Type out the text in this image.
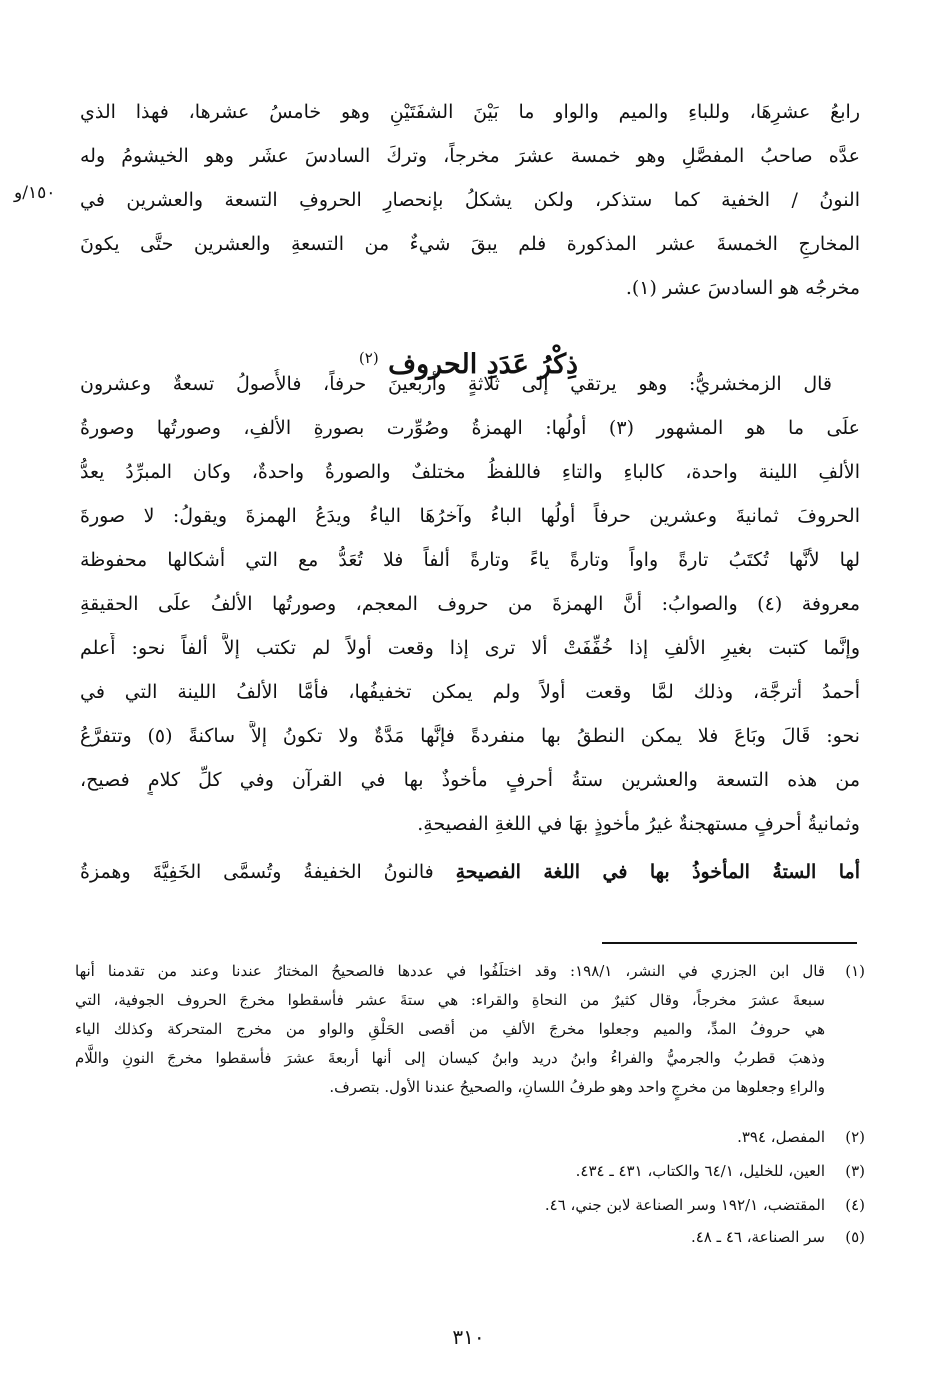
١٥٠/و
رابعُ عشرِهَا، وللباءِ والميم والواو ما بَيْنَ الشفَتَيْنِ وهو خامسُ عشرها، فهذا الذي
عدَّه صاحبُ المفصَّلِ وهو خمسة عشرَ مخرجاً، وتركَ السادسَ عشَر وهو الخيشومُ وله
النونُ / الخفية كما ستذكر، ولكن يشكلُ بإنحصارِ الحروفِ التسعة والعشرين في
المخارجِ الخمسةَ عشر المذكورة فلم يبقَ شيءٌ من التسعةِ والعشرين حتَّى يكونَ
مخرجُه هو السادسَ عشر (١).
ذِكْرُ عَدَدِ الحروف $^{(٢)}$
قال الزمخشريُّ: وهو يرتقي إلى ثلاثةٍ وأربعينَ حرفاً، فالأُصولُ تسعةٌ وعشرون
علَى ما هو المشهور (٣) أولُها: الهمزةُ وصُوِّرت بصورةِ الألفِ، وصورتُها وصورةُ
الألفِ اللينة واحدة، كالباءِ والتاءِ فاللفظُ مختلفٌ والصورةُ واحدةٌ، وكان المبرِّدُ يعدُّ
الحروفَ ثمانيةَ وعشرين حرفاً أولُها الباءُ وآخرُهَا الياءُ ويدَعُ الهمزةَ ويقولُ: لا صورةَ
لها لأنَّها تُكتَبُ تارةً واواً وتارةً ياءً وتارةً ألفاً فلا تُعَدُّ مع التي أشكالها محفوظة
معروفة (٤) والصوابُ: أنَّ الهمزةَ من حروف المعجم، وصورتُها الألفُ علَى الحقيقةِ
وإنَّما كتبت بغيرِ الألفِ إذا خُفِّفَتْ ألا ترى إذا وقعت أولاً لم تكتب إلاَّ ألفاً نحو: أَعلم
أحمدُ أترجَّة، وذلك لمَّا وقعت أولاً ولم يمكن تخفيفُها، فأمَّا الألفُ اللينة التي في
نحو: قَالَ وبَاعَ فلا يمكن النطقُ بها منفردةً فإنَّها مَدَّةٌ ولا تكونُ إلاَّ ساكنةً (٥) وتتفرَّعُ
من هذه التسعة والعشرين ستةُ أحرفٍ مأخوذٌ بها في القرآن وفي كلِّ كلامٍ فصيح،
وثمانيةُ أحرفٍ مستهجنةٌ غيرُ مأخوذٍ بهَا في اللغةِ الفصيحةِ.
أما الستةُ المأخوذُ بها في اللغة الفصيحةِ فالنونُ الخفيفةُ وتُسمَّى الخَفِيَّةَ وهمزةُ
(١)
قال ابن الجزري في النشر، ١٩٨/١: وقد اختلَفُوا في عددها فالصحيحُ المختارُ عندنا وعند من تقدمنا أنها
سبعةَ عشرَ مخرجاً، وقال كثيرٌ من النحاةِ والقراء: هي ستةَ عشر فأسقطوا مخرجَ الحروف الجوفية، التي
هي حروفُ المدِّ، والميم وجعلوا مخرجَ الألفِ من أقصى الحَلْقِ والواو من مخرج المتحركة وكذلك الياء
وذهبَ قطربُ والجرميُّ والفراءُ وابنُ دريد وابنُ كيسان إلى أنها أربعةَ عشرَ فأسقطوا مخرجَ النونِ واللَّام
والراءِ وجعلوها من مخرجٍ واحد وهو طرفُ اللسانِ، والصحيحُ عندنا الأول. بتصرف.
(٢)
المفصل، ٣٩٤.
(٣)
العين، للخليل، ٦٤/١ والكتاب، ٤٣١ ـ ٤٣٤.
(٤)
المقتضب، ١٩٢/١ وسر الصناعة لابن جني، ٤٦.
(٥)
سر الصناعة، ٤٦ ـ ٤٨.
٣١٠
